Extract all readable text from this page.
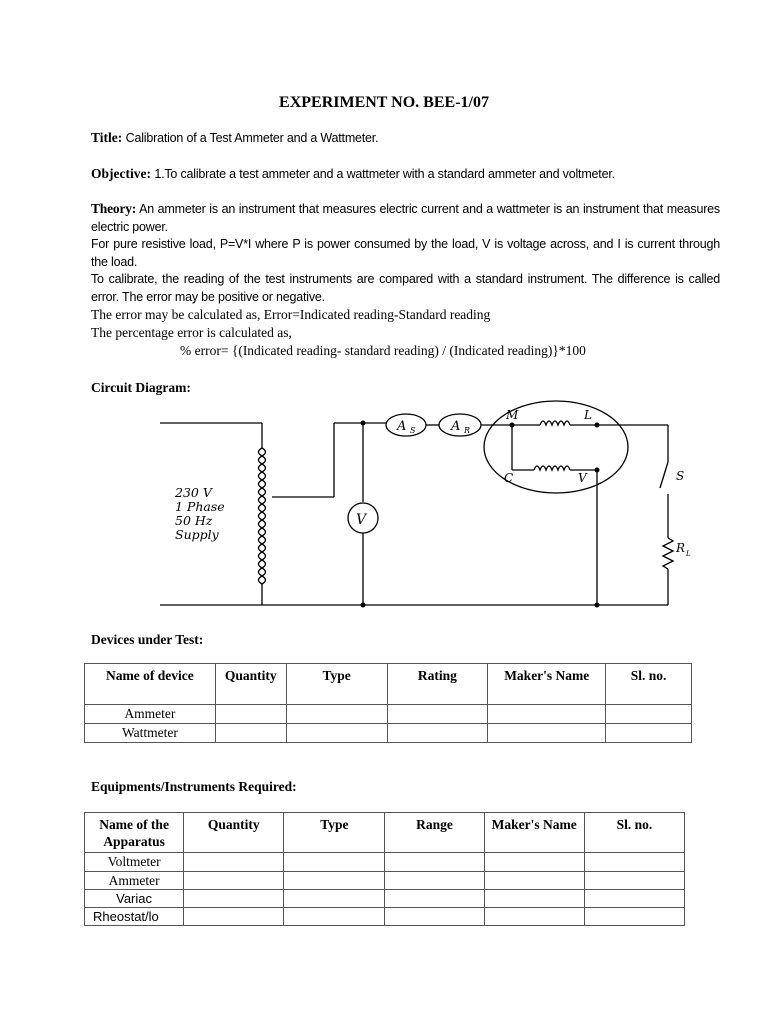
EXPERIMENT NO. BEE-1/07
Title: Calibration of a Test Ammeter and a Wattmeter.
Objective: 1.To calibrate a test ammeter and a wattmeter with a standard ammeter and voltmeter.
Theory: An ammeter is an instrument that measures electric current and a wattmeter is an instrument that measures electric power.
For pure resistive load, P=V*I where P is power consumed by the load, V is voltage across, and I is current through the load.
To calibrate, the reading of the test instruments are compared with a standard instrument. The difference is called error. The error may be positive or negative.
The error may be calculated as, Error=Indicated reading-Standard reading
The percentage error is calculated as,
% error= {(Indicated reading- standard reading) / (Indicated reading)}*100
Circuit Diagram:
230 V
1 Phase
50 Hz
Supply
V
A S	A R
M	L
C	V	S
R L
Devices under Test:
Name of device	Quantity	Type	Rating	Maker's Name	Sl. no.
Ammeter					
Wattmeter					
Equipments/Instruments Required:
Name of the Apparatus	Quantity	Type	Range	Maker's Name	Sl. no.
Voltmeter					
Ammeter					
Variac					
Rheostat/lo					
